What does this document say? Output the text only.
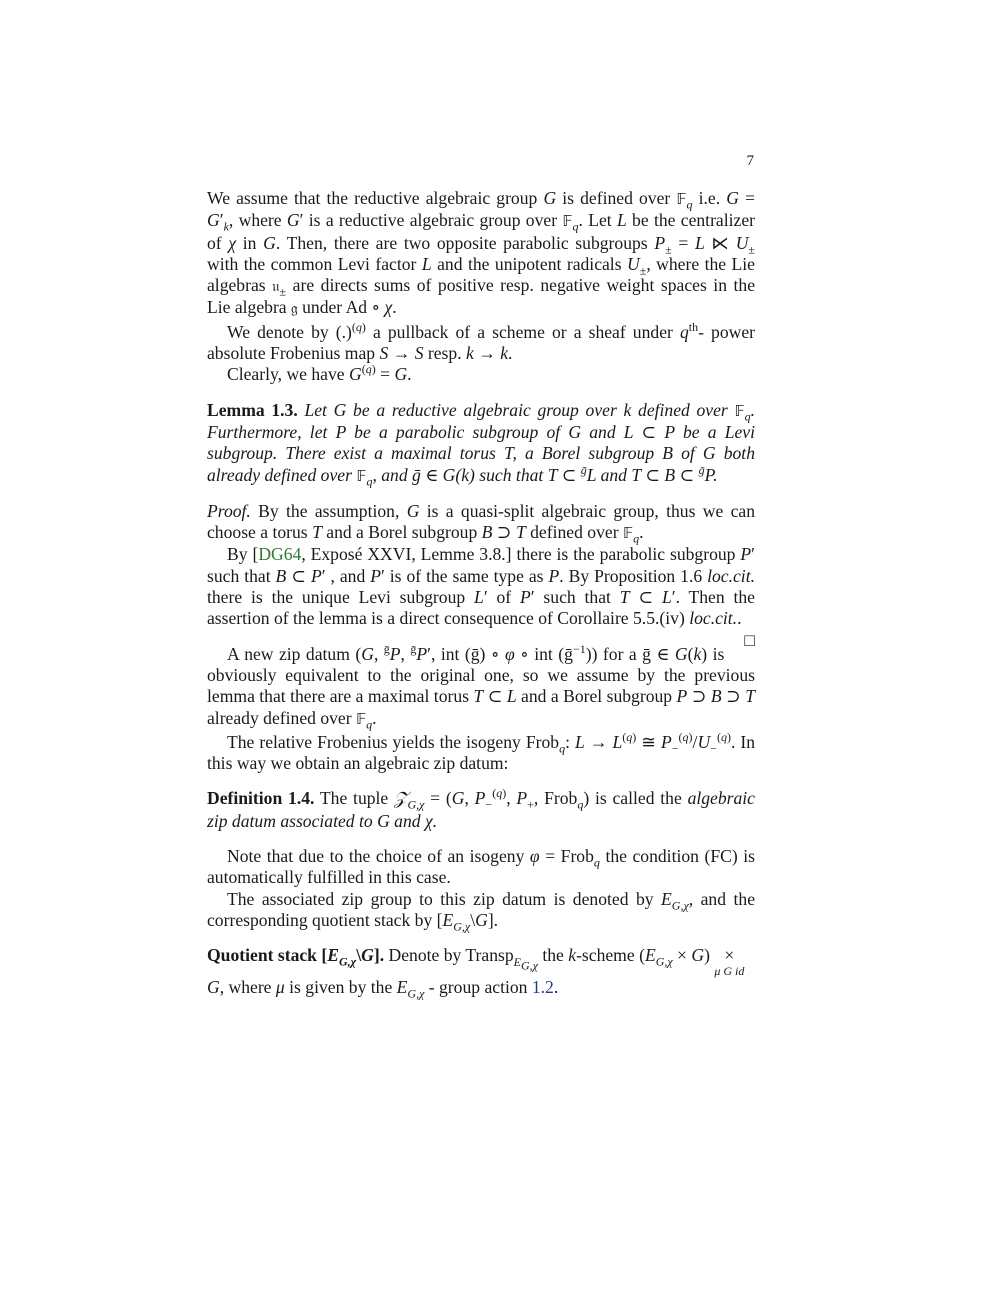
7

We assume that the reductive algebraic group G is defined over 𝔽$_q$ i.e. $G = G'_k$, where G′ is a reductive algebraic group over 𝔽$_q$. Let L be the centralizer of χ in G. Then, there are two opposite parabolic subgroups $P_\pm = L$ ⋉ $U_\pm$ with the common Levi factor L and the unipotent radicals $U_\pm$, where the Lie algebras 𝔲$_\pm$ are directs sums of positive resp. negative weight spaces in the Lie algebra 𝔤 under Ad ∘ χ.

We denote by (.)$^{(q)}$ a pullback of a scheme or a sheaf under $q^{th}-$ power absolute Frobenius map S → S resp. k → k.

Clearly, we have $G^{(q)} = G$.

Lemma 1.3. Let G be a reductive algebraic group over k defined over 𝔽$_q$. Furthermore, let P be a parabolic subgroup of G and L ⊂ P be a Levi subgroup. There exist a maximal torus T, a Borel subgroup B of G both already defined over 𝔽$_q$, and ḡ ∈ G(k) such that T ⊂ $^ḡ$L and T ⊂ B ⊂ $^ḡ$P.

Proof. By the assumption, G is a quasi-split algebraic group, thus we can choose a torus T and a Borel subgroup B ⊃ T defined over 𝔽$_q$.

By [DG64, Exposé XXVI, Lemme 3.8.] there is the parabolic subgroup P′ such that B ⊂ P′ , and P′ is of the same type as P. By Proposition 1.6 loc.cit. there is the unique Levi subgroup L′ of P′ such that T ⊂ L′. Then the assertion of the lemma is a direct consequence of Corollaire 5.5.(iv) loc.cit..
□

A new zip datum (G, $^ḡ$P, $^ḡ$P′, int (ḡ) ∘ φ ∘ int (ḡ$^{-1}$)) for a ḡ ∈ G(k) is obviously equivalent to the original one, so we assume by the previous lemma that there are a maximal torus T ⊂ L and a Borel subgroup P ⊃ B ⊃ T already defined over 𝔽$_q$.

The relative Frobenius yields the isogeny Frob$_q$: $L \to L^{(q)}$ ≅ $P_-^{(q)}/U_-^{(q)}$. In this way we obtain an algebraic zip datum:

Definition 1.4. The tuple 𝒵$_{G,\chi}$ = (G, $P_-^{(q)}$, $P_+$, Frob$_q$) is called the algebraic zip datum associated to G and χ.

Note that due to the choice of an isogeny φ = Frob$_q$ the condition (FC) is automatically fulfilled in this case.

The associated zip group to this zip datum is denoted by $E_{G,\chi}$, and the corresponding quotient stack by $[E_{G,\chi}\backslash G]$.

Quotient stack $[E_{G,\chi}\backslash G]$. Denote by Transp$_{E_{G,\chi}}$ the k-scheme $(E_{G,\chi} \times G)$ ×
μ G id
G, where μ is given by the $E_{G,\chi}$ - group action 1.2.
